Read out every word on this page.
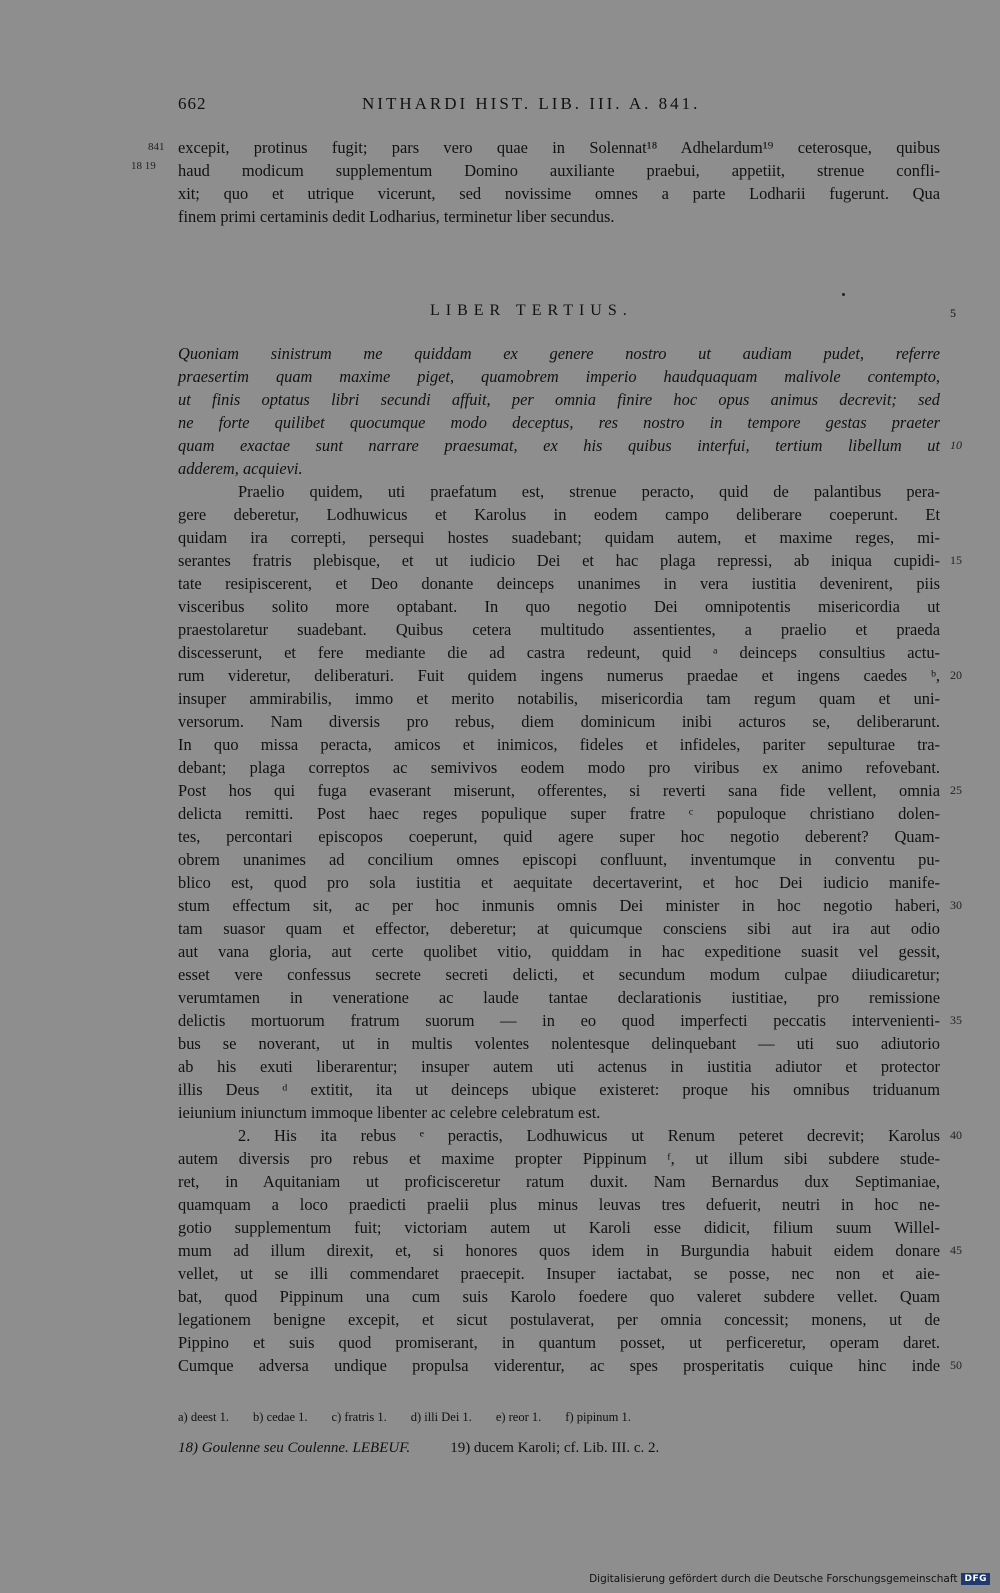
662	NITHARDI HIST. LIB. III. A. 841.
841
18 19
excepit, protinus fugit; pars vero quae in Solennat¹⁸ Adhelardum¹⁹ ceterosque, quibus
haud modicum supplementum Domino auxiliante praebui, appetiit, strenue confli-
xit; quo et utrique vicerunt, sed novissime omnes a parte Lodharii fugerunt. Qua
finem primi certaminis dedit Lodharius, terminetur liber secundus.
LIBER TERTIUS.	5
Quoniam sinistrum me quiddam ex genere nostro ut audiam pudet, referre
praesertim quam maxime piget, quamobrem imperio haudquaquam malivole contempto,
ut finis optatus libri secundi affuit, per omnia finire hoc opus animus decrevit; sed
ne forte quilibet quocumque modo deceptus, res nostro in tempore gestas praeter
quam exactae sunt narrare praesumat, ex his quibus interfui, tertium libellum ut 10
adderem, acquievi.
Praelio quidem, uti praefatum est, strenue peracto, quid de palantibus pera-
gere deberetur, Lodhuwicus et Karolus in eodem campo deliberare coeperunt. Et
quidam ira correpti, persequi hostes suadebant; quidam autem, et maxime reges, mi-
serantes fratris plebisque, et ut iudicio Dei et hac plaga repressi, ab iniqua cupidi- 15
tate resipiscerent, et Deo donante deinceps unanimes in vera iustitia devenirent, piis
visceribus solito more optabant. In quo negotio Dei omnipotentis misericordia ut
praestolaretur suadebant. Quibus cetera multitudo assentientes, a praelio et praeda
discesserunt, et fere mediante die ad castra redeunt, quid ᵃ deinceps consultius actu-
rum videretur, deliberaturi. Fuit quidem ingens numerus praedae et ingens caedes ᵇ, 20
insuper ammirabilis, immo et merito notabilis, misericordia tam regum quam et uni-
versorum. Nam diversis pro rebus, diem dominicum inibi acturos se, deliberarunt.
In quo missa peracta, amicos et inimicos, fideles et infideles, pariter sepulturae tra-
debant; plaga correptos ac semivivos eodem modo pro viribus ex animo refovebant.
Post hos qui fuga evaserant miserunt, offerentes, si reverti sana fide vellent, omnia 25
delicta remitti. Post haec reges populique super fratre ᶜ populoque christiano dolen-
tes, percontari episcopos coeperunt, quid agere super hoc negotio deberent? Quam-
obrem unanimes ad concilium omnes episcopi confluunt, inventumque in conventu pu-
blico est, quod pro sola iustitia et aequitate decertaverint, et hoc Dei iudicio manife-
stum effectum sit, ac per hoc inmunis omnis Dei minister in hoc negotio haberi, 30
tam suasor quam et effector, deberetur; at quicumque consciens sibi aut ira aut odio
aut vana gloria, aut certe quolibet vitio, quiddam in hac expeditione suasit vel gessit,
esset vere confessus secrete secreti delicti, et secundum modum culpae diiudicaretur;
verumtamen in veneratione ac laude tantae declarationis iustitiae, pro remissione
delictis mortuorum fratrum suorum — in eo quod imperfecti peccatis intervenienti- 35
bus se noverant, ut in multis volentes nolentesque delinquebant — uti suo adiutorio
ab his exuti liberarentur; insuper autem uti actenus in iustitia adiutor et protector
illis Deus ᵈ extitit, ita ut deinceps ubique existeret: proque his omnibus triduanum
ieiunium iniunctum immoque libenter ac celebre celebratum est.
2. His ita rebus ᵉ peractis, Lodhuwicus ut Renum peteret decrevit; Karolus 40
autem diversis pro rebus et maxime propter Pippinum ᶠ, ut illum sibi subdere stude-
ret, in Aquitaniam ut proficisceretur ratum duxit. Nam Bernardus dux Septimaniae,
quamquam a loco praedicti praelii plus minus leuvas tres defuerit, neutri in hoc ne-
gotio supplementum fuit; victoriam autem ut Karoli esse didicit, filium suum Willel-
mum ad illum direxit, et, si honores quos idem in Burgundia habuit eidem donare 45
vellet, ut se illi commendaret praecepit. Insuper iactabat, se posse, nec non et aie-
bat, quod Pippinum una cum suis Karolo foedere quo valeret subdere vellet. Quam
legationem benigne excepit, et sicut postulaverat, per omnia concessit; monens, ut de
Pippino et suis quod promiserant, in quantum posset, ut perficeretur, operam daret.
Cumque adversa undique propulsa viderentur, ac spes prosperitatis cuique hinc inde 50
a) deest 1. b) cedae 1. c) fratris 1. d) illi Dei 1. e) reor 1. f) pipinum 1.
18) Goulenne seu Coulenne. LEBEUF.	19) ducem Karoli; cf. Lib. III. c. 2.
Digitalisierung gefördert durch die Deutsche Forschungsgemeinschaft DFG
